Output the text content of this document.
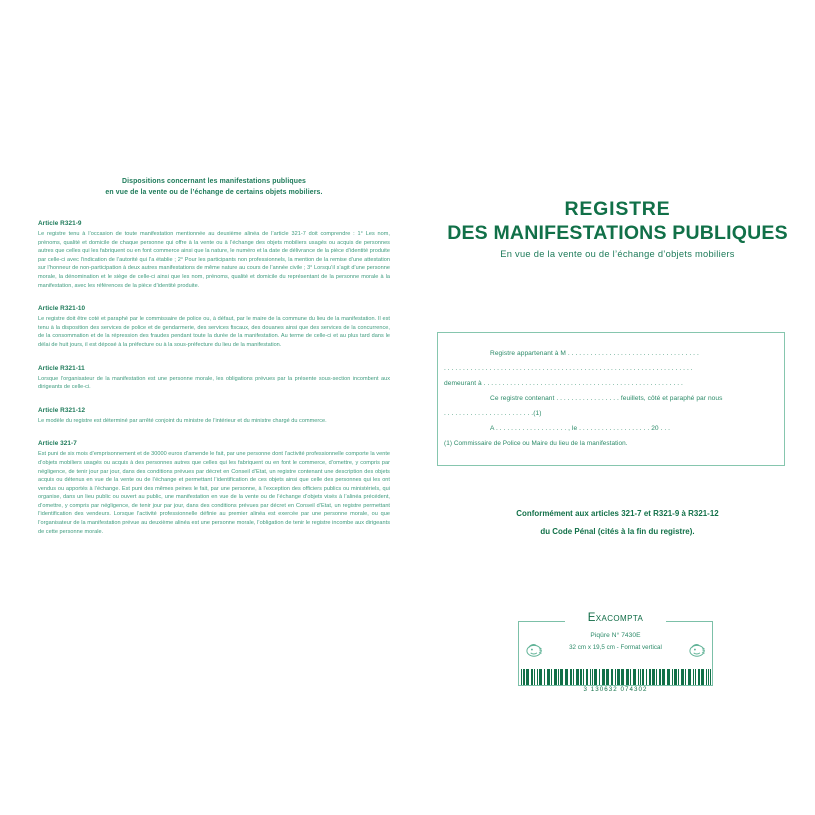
Dispositions concernant les manifestations publiques
en vue de la vente ou de l’échange de certains objets mobiliers.
Article R321-9
Le registre tenu à l’occasion de toute manifestation mentionnée au deuxième alinéa de l’article 321-7 doit comprendre : 1° Les nom, prénoms, qualité et domicile de chaque personne qui offre à la vente ou à l’échange des objets mobiliers usagés ou acquis de personnes autres que celles qui les fabriquent ou en font commerce ainsi que la nature, le numéro et la date de délivrance de la pièce d’identité produite par celle-ci avec l’indication de l’autorité qui l’a établie ; 2° Pour les participants non professionnels, la mention de la remise d’une attestation sur l’honneur de non-participation à deux autres manifestations de même nature au cours de l’année civile ; 3° Lorsqu’il s’agit d’une personne morale, la dénomination et le siège de celle-ci ainsi que les nom, prénoms, qualité et domicile du représentant de la personne morale à la manifestation, avec les références de la pièce d’identité produite.
Article R321-10
Le registre doit être coté et paraphé par le commissaire de police ou, à défaut, par le maire de la commune du lieu de la manifestation. Il est tenu à la disposition des services de police et de gendarmerie, des services fiscaux, des douanes ainsi que des services de la concurrence, de la consommation et de la répression des fraudes pendant toute la durée de la manifestation. Au terme de celle-ci et au plus tard dans le délai de huit jours, il est déposé à la préfecture ou à la sous-préfecture du lieu de la manifestation.
Article R321-11
Lorsque l’organisateur de la manifestation est une personne morale, les obligations prévues par la présente sous-section incombent aux dirigeants de celle-ci.
Article R321-12
Le modèle du registre est déterminé par arrêté conjoint du ministre de l’intérieur et du ministre chargé du commerce.
Article 321-7
Est puni de six mois d’emprisonnement et de 30000 euros d’amende le fait, par une personne dont l’activité professionnelle comporte la vente d’objets mobiliers usagés ou acquis à des personnes autres que celles qui les fabriquent ou en font le commerce, d’omettre, y compris par négligence, de tenir jour par jour, dans des conditions prévues par décret en Conseil d’Etat, un registre contenant une description des objets acquis ou détenus en vue de la vente ou de l’échange et permettant l’identification de ces objets ainsi que celle des personnes qui les ont vendus ou apportés à l’échange. Est puni des mêmes peines le fait, par une personne, à l’exception des officiers publics ou ministériels, qui organise, dans un lieu public ou ouvert au public, une manifestation en vue de la vente ou de l’échange d’objets visés à l’alinéa précédent, d’omettre, y compris par négligence, de tenir jour par jour, dans des conditions prévues par décret en Conseil d’Etat, un registre permettant l’identification des vendeurs. Lorsque l’activité professionnelle définie au premier alinéa est exercée par une personne morale, ou que l’organisateur de la manifestation prévue au deuxième alinéa est une personne morale, l’obligation de tenir le registre incombe aux dirigeants de cette personne morale.
REGISTRE
DES MANIFESTATIONS PUBLIQUES
En vue de la vente ou de l’échange d’objets mobiliers
Registre appartenant à M . . . . . . . . . . . . . . . . . . . . . . . . . . . . . . . . . . .
. . . . . . . . . . . . . . . . . . . . . . . . . . . . . . . . . . . . . . . . . . . . . . . . . . . . . . . . . . . . . . . . . .
demeurant à . . . . . . . . . . . . . . . . . . . . . . . . . . . . . . . . . . . . . . . . . . . . . . . . . . . . .
Ce registre contenant . . . . . . . . . . . . . . . . . feuillets, côté et paraphé par nous
. . . . . . . . . . . . . . . . . . . . . . . .(1)
A . . . . . . . . . . . . . . . . . . . , le . . . . . . . . . . . . . . . . . . . 20 . . .
(1) Commissaire de Police ou Maire du lieu de la manifestation.
Conformément aux articles 321-7 et R321-9 à R321-12
du Code Pénal (cités à la fin du registre).
Exacompta
Piqûre N° 7430E
32 cm x 19,5 cm - Format vertical
3 130632 074302
